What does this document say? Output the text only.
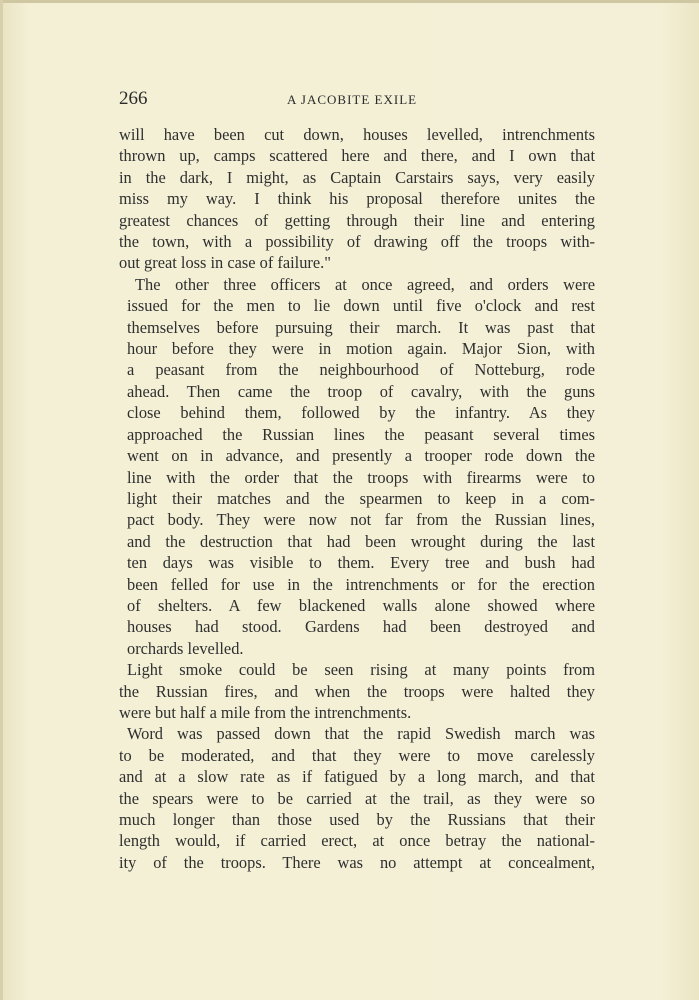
266	A JACOBITE EXILE

will have been cut down, houses levelled, intrenchments
thrown up, camps scattered here and there, and I own that
in the dark, I might, as Captain Carstairs says, very easily
miss my way. I think his proposal therefore unites the
greatest chances of getting through their line and entering
the town, with a possibility of drawing off the troops with-
out great loss in case of failure."

The other three officers at once agreed, and orders were
issued for the men to lie down until five o'clock and rest
themselves before pursuing their march. It was past that
hour before they were in motion again. Major Sion, with
a peasant from the neighbourhood of Notteburg, rode
ahead. Then came the troop of cavalry, with the guns
close behind them, followed by the infantry. As they
approached the Russian lines the peasant several times
went on in advance, and presently a trooper rode down the
line with the order that the troops with firearms were to
light their matches and the spearmen to keep in a com-
pact body. They were now not far from the Russian lines,
and the destruction that had been wrought during the last
ten days was visible to them. Every tree and bush had
been felled for use in the intrenchments or for the erection
of shelters. A few blackened walls alone showed where
houses had stood. Gardens had been destroyed and
orchards levelled.

Light smoke could be seen rising at many points from
the Russian fires, and when the troops were halted they
were but half a mile from the intrenchments.

Word was passed down that the rapid Swedish march was
to be moderated, and that they were to move carelessly
and at a slow rate as if fatigued by a long march, and that
the spears were to be carried at the trail, as they were so
much longer than those used by the Russians that their
length would, if carried erect, at once betray the national-
ity of the troops. There was no attempt at concealment,
